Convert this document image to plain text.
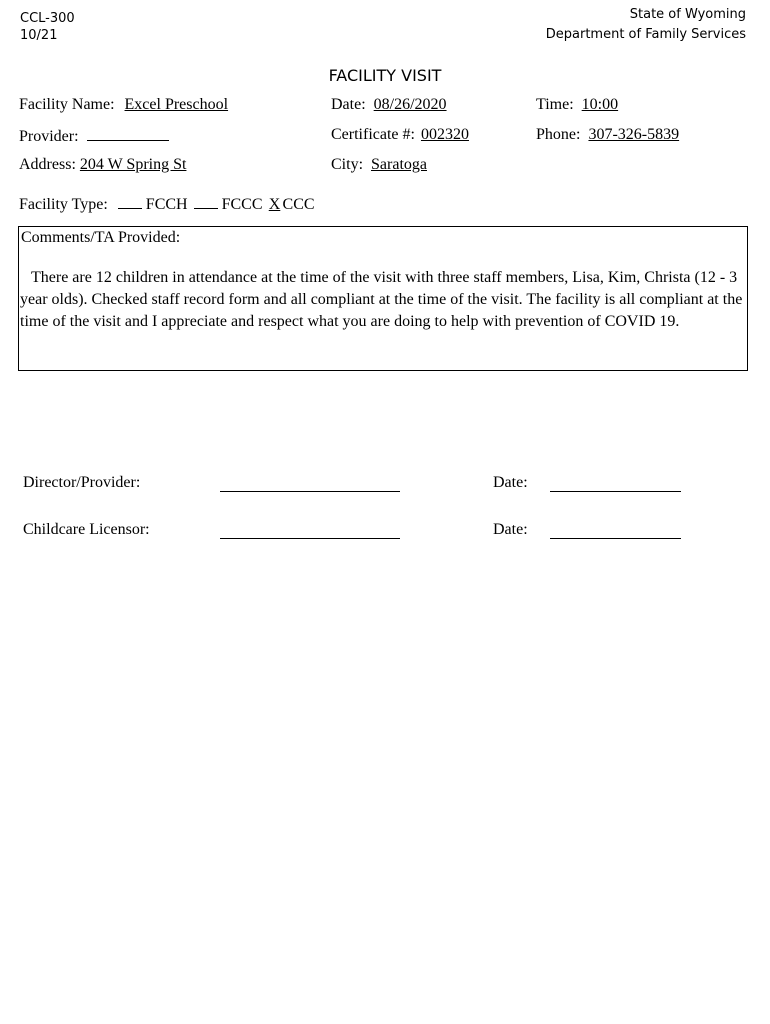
CCL-300
10/21
State of Wyoming
Department of Family Services
FACILITY VISIT
Facility Name: Excel Preschool	Date: 08/26/2020	Time: 10:00
Provider:	Certificate #: 002320	Phone: 307-326-5839
Address: 204 W Spring St	City: Saratoga
Facility Type: FCCH FCCC X CCC
Comments/TA Provided:
There are 12 children in attendance at the time of the visit with three staff members, Lisa, Kim, Christa (12 - 3 year olds). Checked staff record form and all compliant at the time of the visit. The facility is all compliant at the time of the visit and I appreciate and respect what you are doing to help with prevention of COVID 19.
Director/Provider:	Date:
Childcare Licensor:	Date:
